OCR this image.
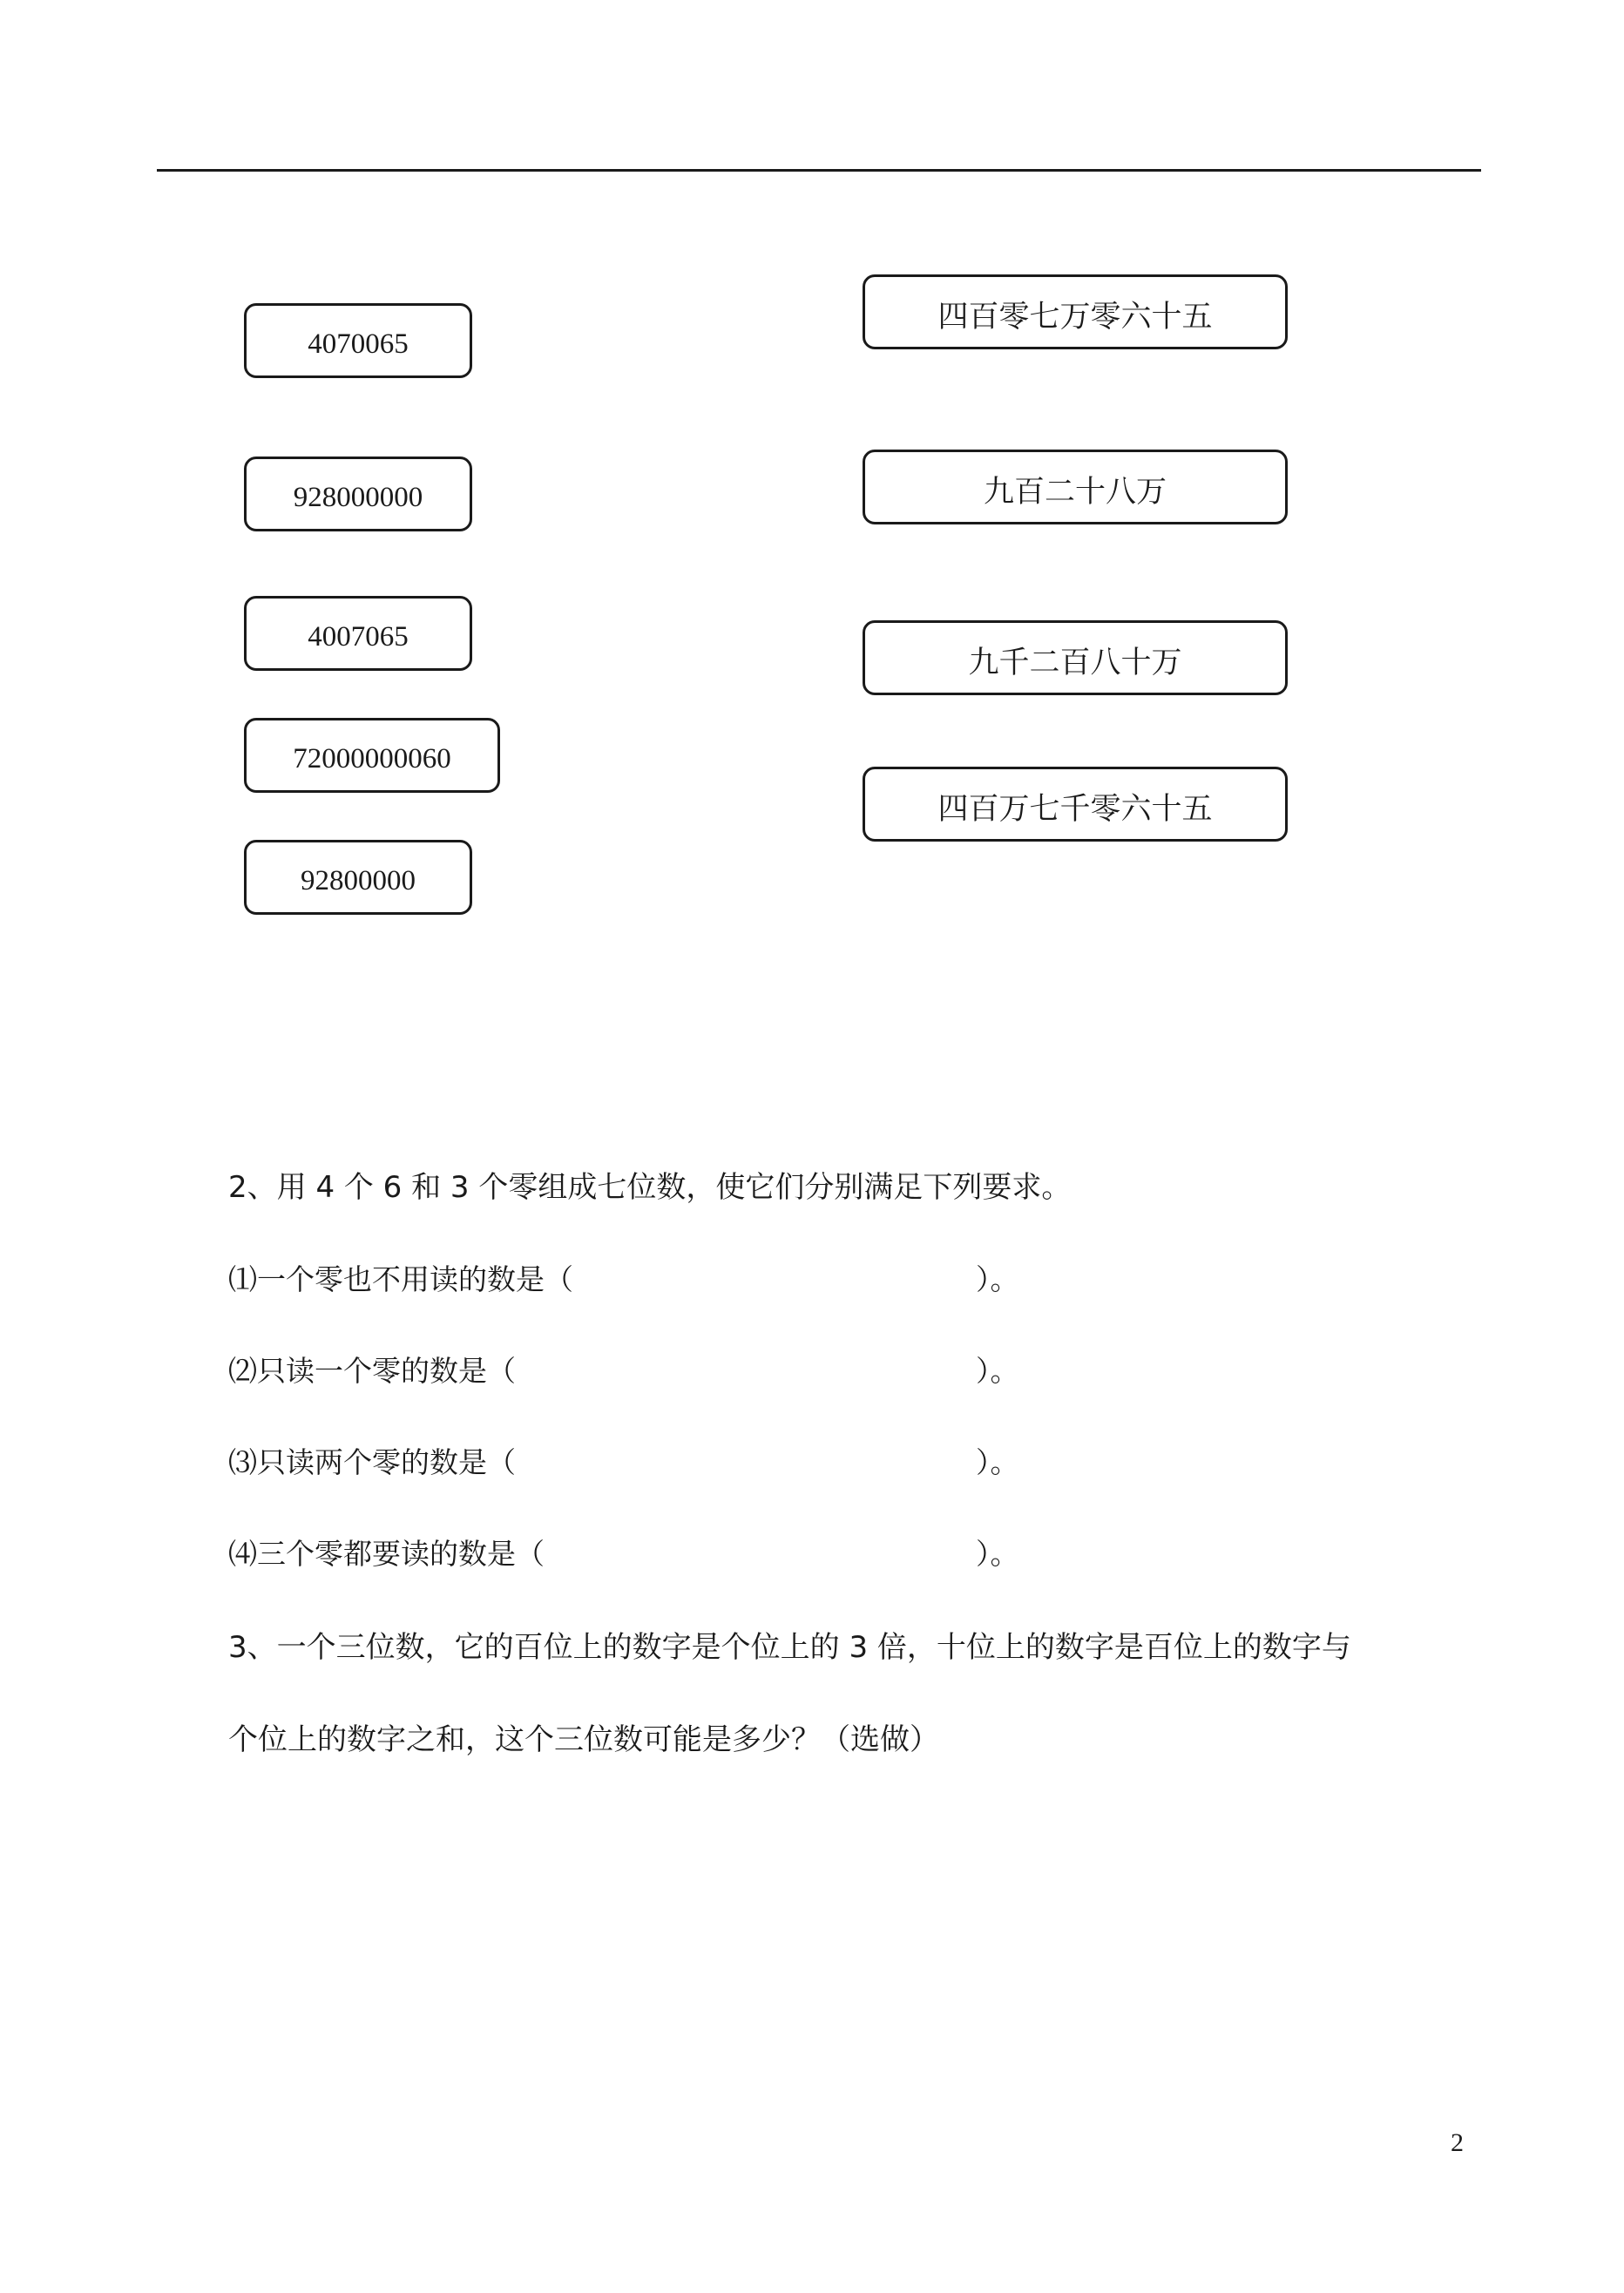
4070065
928000000
4007065
72000000060
92800000
四百零七万零六十五
九百二十八万
九千二百八十万
四百万七千零六十五
2、用 4 个 6 和 3 个零组成七位数，使它们分别满足下列要求。
⑴一个零也不用读的数是（	）。
⑵只读一个零的数是（	）。
⑶只读两个零的数是（	）。
⑷三个零都要读的数是（	）。
3、一个三位数，它的百位上的数字是个位上的 3 倍，十位上的数字是百位上的数字与
个位上的数字之和，这个三位数可能是多少？（选做）
2
